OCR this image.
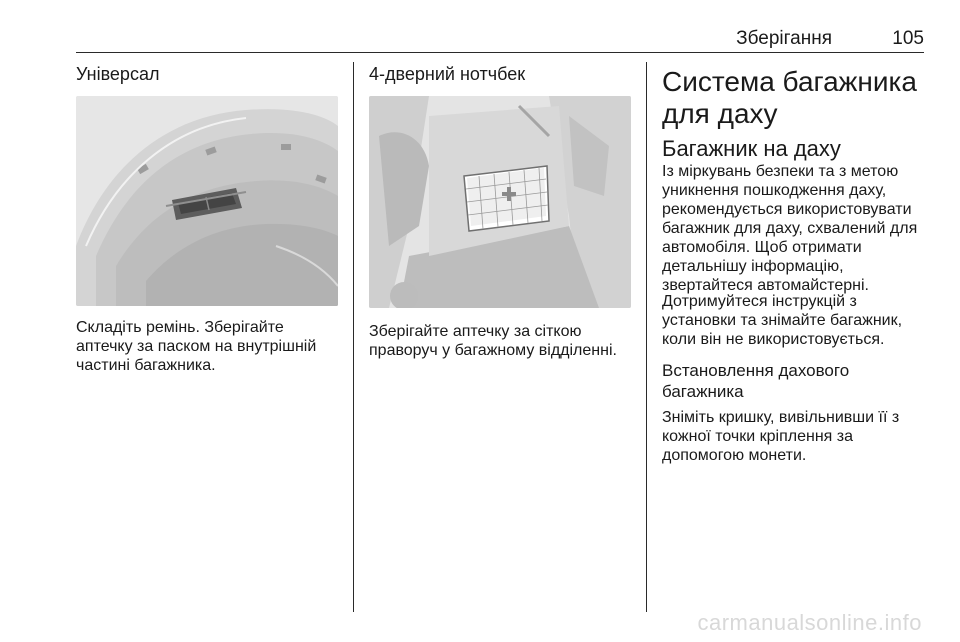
Зберігання	105
Універсал

Складіть ремінь. Зберігайте аптечку за паском на внутрішній частині багажника.

4-дверний нотчбек

Зберігайте аптечку за сіткою праворуч у багажному відділенні.

Система багажника для даху
Багажник на даху

Із міркувань безпеки та з метою уникнення пошкодження даху, рекомендується використовувати багажник для даху, схвалений для автомобіля. Щоб отримати детальнішу інформацію, звертайтеся автомайстерні.

Дотримуйтеся інструкцій з установки та знімайте багажник, коли він не використовується.

Встановлення дахового багажника

Зніміть кришку, вивільнивши її з кожної точки кріплення за допомогою монети.

carmanualsonline.info
